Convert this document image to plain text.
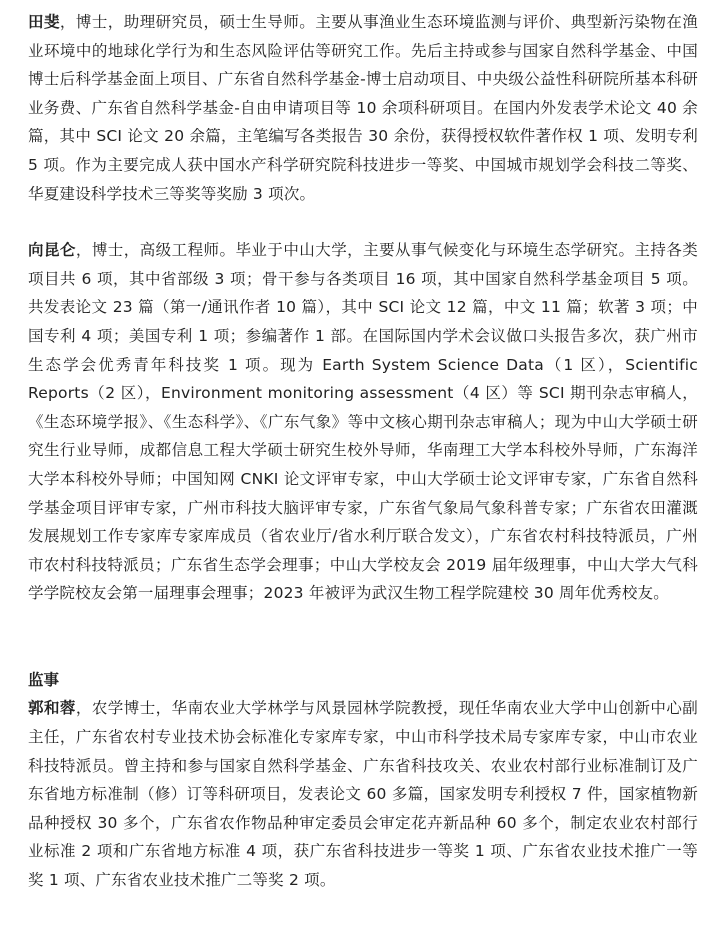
田斐，博士，助理研究员，硕士生导师。主要从事渔业生态环境监测与评价、典型新污染物在渔业环境中的地球化学行为和生态风险评估等研究工作。先后主持或参与国家自然科学基金、中国博士后科学基金面上项目、广东省自然科学基金-博士启动项目、中央级公益性科研院所基本科研业务费、广东省自然科学基金-自由申请项目等 10 余项科研项目。在国内外发表学术论文 40 余篇，其中 SCI 论文 20 余篇，主笔编写各类报告 30 余份，获得授权软件著作权 1 项、发明专利 5 项。作为主要完成人获中国水产科学研究院科技进步一等奖、中国城市规划学会科技二等奖、华夏建设科学技术三等奖等奖励 3 项次。

向昆仑，博士，高级工程师。毕业于中山大学，主要从事气候变化与环境生态学研究。主持各类项目共 6 项，其中省部级 3 项；骨干参与各类项目 16 项，其中国家自然科学基金项目 5 项。共发表论文 23 篇（第一/通讯作者 10 篇），其中 SCI 论文 12 篇，中文 11 篇；软著 3 项；中国专利 4 项；美国专利 1 项；参编著作 1 部。在国际国内学术会议做口头报告多次，获广州市生态学会优秀青年科技奖 1 项。现为 Earth System Science Data（1 区），Scientific Reports（2 区），Environment monitoring assessment（4 区）等 SCI 期刊杂志审稿人，《生态环境学报》、《生态科学》、《广东气象》等中文核心期刊杂志审稿人；现为中山大学硕士研究生行业导师，成都信息工程大学硕士研究生校外导师，华南理工大学本科校外导师，广东海洋大学本科校外导师；中国知网 CNKI 论文评审专家，中山大学硕士论文评审专家，广东省自然科学基金项目评审专家，广州市科技大脑评审专家，广东省气象局气象科普专家；广东省农田灌溉发展规划工作专家库专家库成员（省农业厅/省水利厅联合发文），广东省农村科技特派员，广州市农村科技特派员；广东省生态学会理事；中山大学校友会 2019 届年级理事，中山大学大气科学学院校友会第一届理事会理事；2023 年被评为武汉生物工程学院建校 30 周年优秀校友。

监事

郭和蓉，农学博士，华南农业大学林学与风景园林学院教授，现任华南农业大学中山创新中心副主任，广东省农村专业技术协会标准化专家库专家，中山市科学技术局专家库专家，中山市农业科技特派员。曾主持和参与国家自然科学基金、广东省科技攻关、农业农村部行业标准制订及广东省地方标准制（修）订等科研项目，发表论文 60 多篇，国家发明专利授权 7 件，国家植物新品种授权 30 多个，广东省农作物品种审定委员会审定花卉新品种 60 多个，制定农业农村部行业标准 2 项和广东省地方标准 4 项，获广东省科技进步一等奖 1 项、广东省农业技术推广一等奖 1 项、广东省农业技术推广二等奖 2 项。
